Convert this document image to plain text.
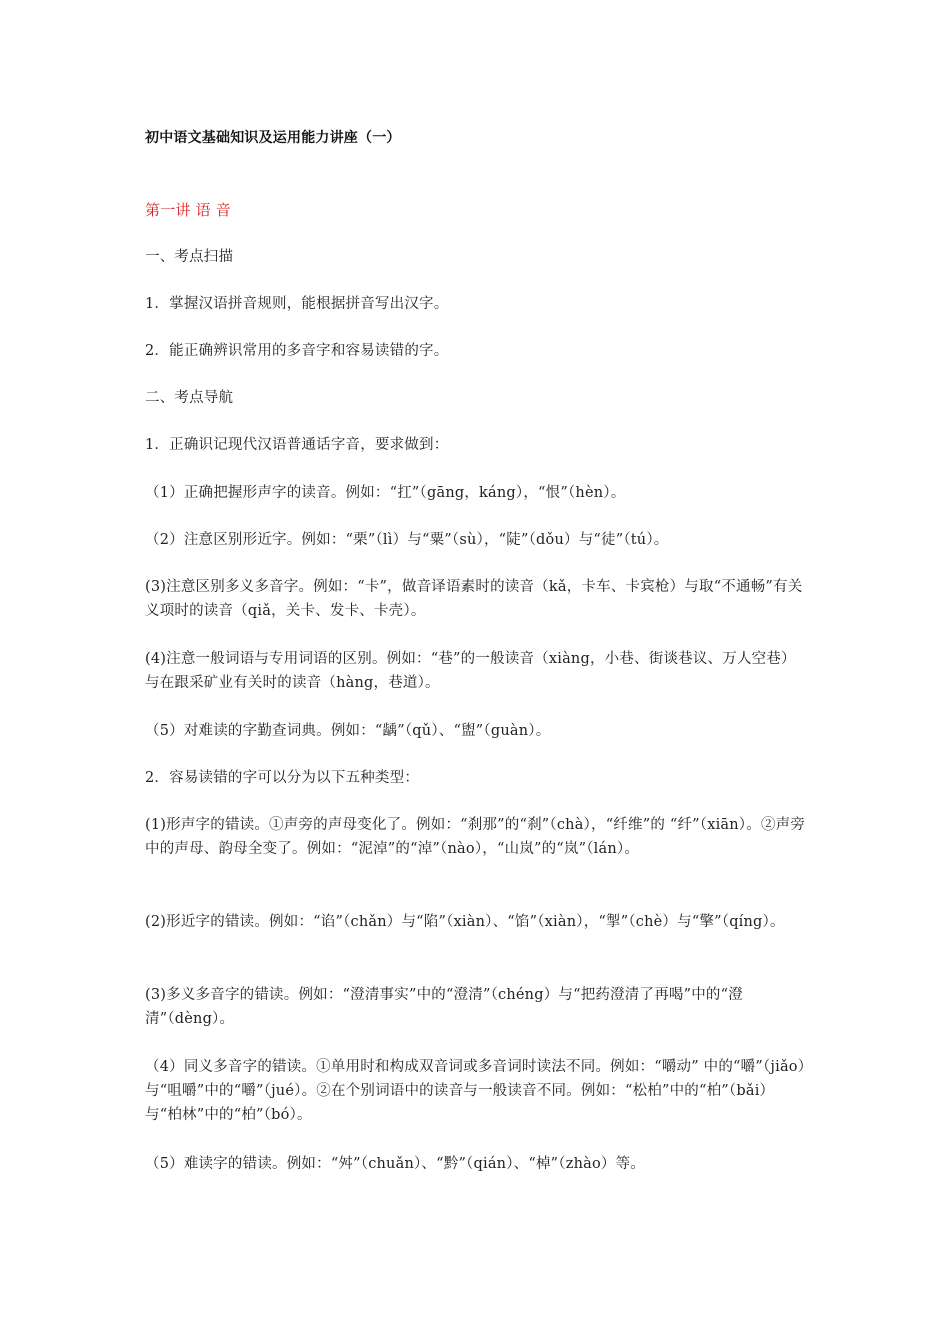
初中语文基础知识及运用能力讲座（一）
第一讲 语 音
一、考点扫描
1．掌握汉语拼音规则，能根据拼音写出汉字。
2．能正确辨识常用的多音字和容易读错的字。
二、考点导航
1．正确识记现代汉语普通话字音，要求做到：
（1）正确把握形声字的读音。例如：“扛”（gāng，káng），“恨”（hèn）。
（2）注意区别形近字。例如：“栗”（lì）与“粟”（sù），“陡”（dǒu）与“徒”（tú）。
(3)注意区别多义多音字。例如：“卡”，做音译语素时的读音（kǎ，卡车、卡宾枪）与取“不通畅”有关义项时的读音（qiǎ，关卡、发卡、卡壳）。
(4)注意一般词语与专用词语的区别。例如：“巷”的一般读音（xiàng，小巷、街谈巷议、万人空巷）与在跟采矿业有关时的读音（hàng，巷道）。
（5）对难读的字勤查词典。例如：“龋”（qǔ）、“盥”（guàn）。
2．容易读错的字可以分为以下五种类型：
(1)形声字的错读。①声旁的声母变化了。例如：“刹那”的“刹”（chà），“纤维”的 “纤”（xiān）。②声旁中的声母、韵母全变了。例如：“泥淖”的“淖”（nào），“山岚”的“岚”（lán）。
(2)形近字的错读。例如：“谄”（chǎn）与“陷”（xiàn）、“馅”（xiàn），“掣”（chè）与“擎”（qíng）。
(3)多义多音字的错读。例如：“澄清事实”中的“澄清”（chéng）与“把药澄清了再喝”中的“澄清”（dèng）。
（4）同义多音字的错读。①单用时和构成双音词或多音词时读法不同。例如：“嚼动” 中的“嚼”（jiǎo）与“咀嚼”中的“嚼”（jué）。②在个别词语中的读音与一般读音不同。例如：“松柏”中的“柏”（bǎi）与“柏林”中的“柏”（bó）。
（5）难读字的错读。例如：“舛”（chuǎn）、“黔”（qián）、“棹”（zhào）等。
